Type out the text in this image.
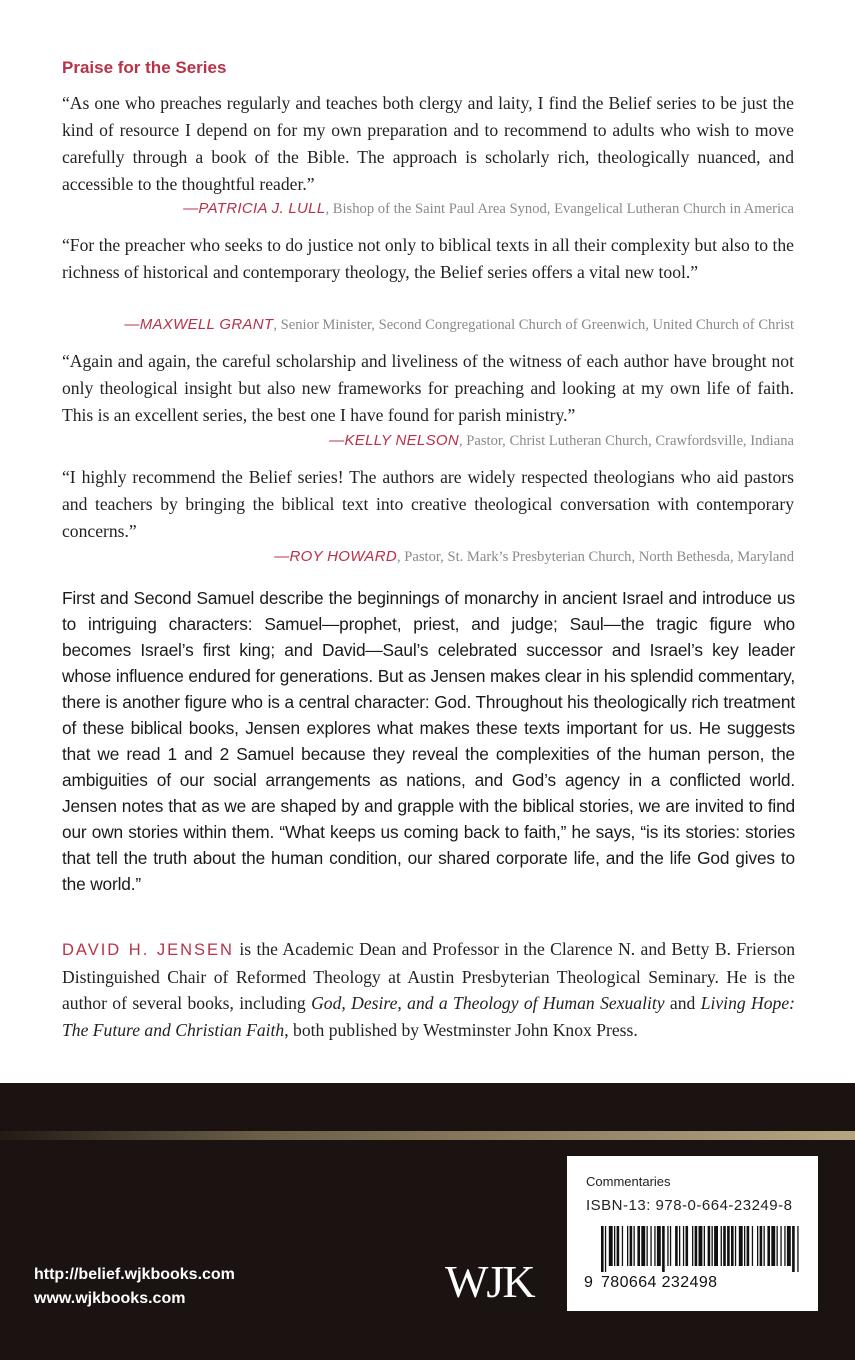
Praise for the Series
“As one who preaches regularly and teaches both clergy and laity, I find the Belief series to be just the kind of resource I depend on for my own preparation and to recommend to adults who wish to move carefully through a book of the Bible. The approach is scholarly rich, theologically nuanced, and accessible to the thoughtful reader.”
—PATRICIA J. LULL, Bishop of the Saint Paul Area Synod, Evangelical Lutheran Church in America
“For the preacher who seeks to do justice not only to biblical texts in all their complexity but also to the richness of historical and contemporary theology, the Belief series offers a vital new tool.”
—MAXWELL GRANT, Senior Minister, Second Congregational Church of Greenwich, United Church of Christ
“Again and again, the careful scholarship and liveliness of the witness of each author have brought not only theological insight but also new frameworks for preaching and looking at my own life of faith. This is an excellent series, the best one I have found for parish ministry.”
—KELLY NELSON, Pastor, Christ Lutheran Church, Crawfordsville, Indiana
“I highly recommend the Belief series! The authors are widely respected theologians who aid pastors and teachers by bringing the biblical text into creative theological conversation with contemporary concerns.”
—ROY HOWARD, Pastor, St. Mark’s Presbyterian Church, North Bethesda, Maryland
First and Second Samuel describe the beginnings of monarchy in ancient Israel and introduce us to intriguing characters: Samuel—prophet, priest, and judge; Saul—the tragic figure who becomes Israel’s first king; and David—Saul’s celebrated successor and Israel’s key leader whose influence endured for generations. But as Jensen makes clear in his splendid commentary, there is another figure who is a central character: God. Throughout his theologically rich treatment of these biblical books, Jensen explores what makes these texts important for us. He suggests that we read 1 and 2 Samuel because they reveal the complexities of the human person, the ambiguities of our social arrangements as nations, and God’s agency in a conflicted world. Jensen notes that as we are shaped by and grapple with the biblical stories, we are invited to find our own stories within them. “What keeps us coming back to faith,” he says, “is its stories: stories that tell the truth about the human condition, our shared corporate life, and the life God gives to the world.”
DAVID H. JENSEN is the Academic Dean and Professor in the Clarence N. and Betty B. Frierson Distinguished Chair of Reformed Theology at Austin Presbyterian Theological Seminary. He is the author of several books, including God, Desire, and a Theology of Human Sexuality and Living Hope: The Future and Christian Faith, both published by Westminster John Knox Press.
http://belief.wjkbooks.com
www.wjkbooks.com	WJK
Commentaries
ISBN-13: 978-0-664-23249-8
9 780664 232498
